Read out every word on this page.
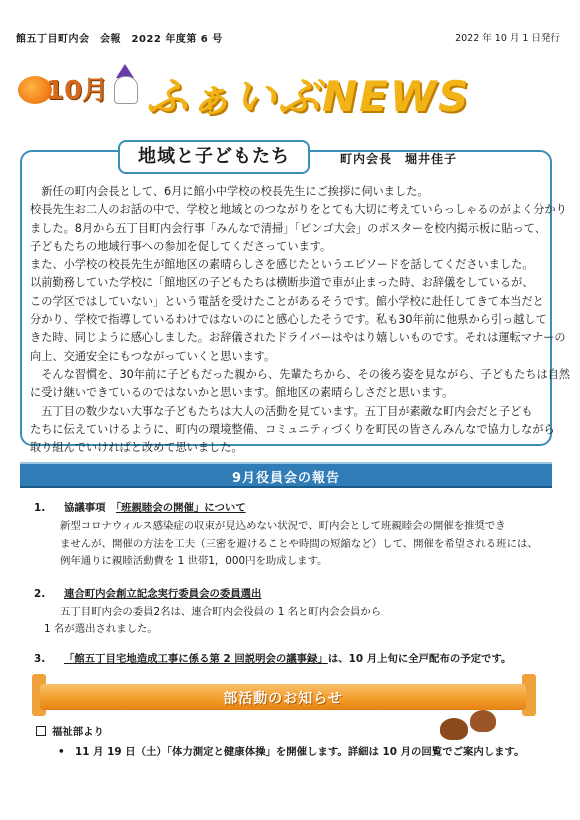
館五丁目町内会　会報　2022 年度第 6 号	2022 年 10 月 1 日発行
10月 ふぁいぶNEWS
地域と子どもたち	町内会長　堀井佳子

　新任の町内会長として、6月に館小中学校の校長先生にご挨拶に伺いました。

校長先生お二人のお話の中で、学校と地域とのつながりをとても大切に考えていらっしゃるのがよく分かり

ました。8月から五丁目町内会行事「みんなで清掃」「ビンゴ大会」のポスターを校内掲示板に貼って、

子どもたちの地域行事への参加を促してくださっています。

また、小学校の校長先生が館地区の素晴らしさを感じたというエピソードを話してくださいました。

以前勤務していた学校に「館地区の子どもたちは横断歩道で車が止まった時、お辞儀をしているが、

この学区ではしていない」という電話を受けたことがあるそうです。館小学校に赴任してきて本当だと

分かり、学校で指導しているわけではないのにと感心したそうです。私も30年前に他県から引っ越して

きた時、同じように感心しました。お辞儀されたドライバーはやはり嬉しいものです。それは運転マナーの

向上、交通安全にもつながっていくと思います。

　そんな習慣を、30年前に子どもだった親から、先輩たちから、その後ろ姿を見ながら、子どもたちは自然

に受け継いできているのではないかと思います。館地区の素晴らしさだと思います。

　五丁目の数少ない大事な子どもたちは大人の活動を見ています。五丁目が素敵な町内会だと子ども

たちに伝えていけるように、町内の環境整備、コミュニティづくりを町民の皆さんみんなで協力しながら

取り組んでいければと改めて思いました。

9月役員会の報告
1. 協議事項　 「班親睦会の開催」について
新型コロナウィルス感染症の収束が見込めない状況で、町内会として班親睦会の開催を推奨でき
ませんが、開催の方法を工夫（三密を避けることや時間の短縮など）して、開催を希望される班には、
例年通りに親睦活動費を 1 世帯1，000円を助成します。
2. 連合町内会創立記念実行委員会の委員選出
五丁目町内会の委員2名は、連合町内会役員の 1 名と町内会会員から
1 名が選出されました。
3. 「館五丁目宅地造成工事に係る第 2 回説明会の議事録」は、10 月上旬に全戸配布の予定です。
部活動のお知らせ
福祉部より
•　11 月 19 日（土）「体力測定と健康体操」を開催します。詳細は 10 月の回覧でご案内します。
